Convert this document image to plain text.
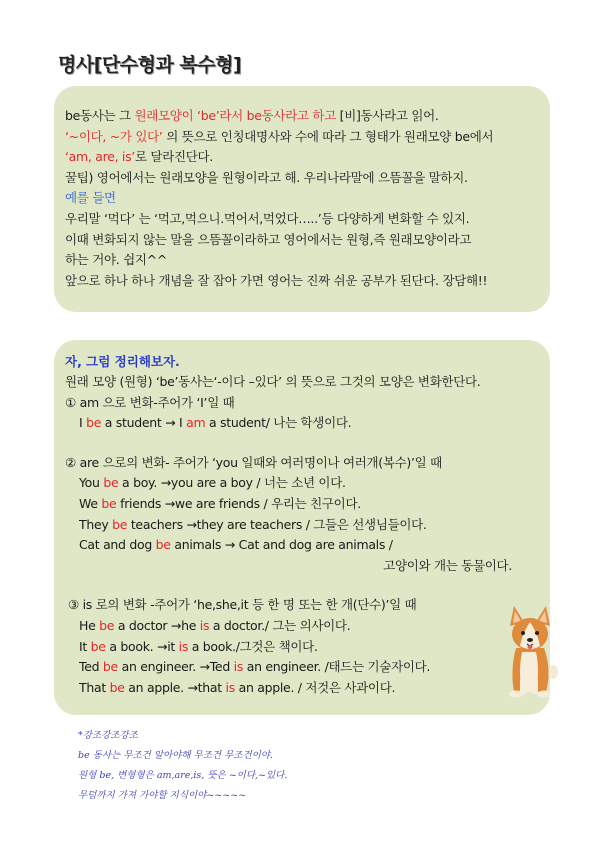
명사[단수형과 복수형]
be동사는 그 원래모양이 ‘be’라서 be동사라고 하고 [비]동사라고 읽어.
‘~이다, ~가 있다’ 의 뜻으로 인칭대명사와 수에 따라 그 형태가 원래모양 be에서
‘am, are, is’로 달라진단다.
꿀팁) 영어에서는 원래모양을 원형이라고 해. 우리나라말에 으뜸꼴을 말하지.
예를 들면
우리말 ‘먹다’ 는 ‘먹고,먹으니.먹어서,먹었다…..’등 다양하게 변화할 수 있지.
이때 변화되지 않는 말을 으뜸꼴이라하고 영어에서는 원형,즉 원래모양이라고
하는 거야. 쉽지^^
앞으로 하나 하나 개념을 잘 잡아 가면 영어는 진짜 쉬운 공부가 된단다. 장담해!!
자, 그럼 정리해보자.
원래 모양 (원형) ‘be’동사는‘-이다 –있다’ 의 뜻으로 그것의 모양은 변화한단다.
① am 으로 변화-주어가 ‘I’일 때
I be a student → I am a student/ 나는 학생이다.
② are 으로의 변화- 주어가 ‘you 일때와 여러명이나 여러개(복수)’일 때
You be a boy. →you are a boy / 너는 소년 이다.
We be friends →we are friends / 우리는 친구이다.
They be teachers →they are teachers / 그들은 선생님들이다.
Cat and dog be animals → Cat and dog are animals /
고양이와 개는 동물이다.
③ is 로의 변화 -주어가 ‘he,she,it 등 한 명 또는 한 개(단수)’일 때
He be a doctor →he is a doctor./ 그는 의사이다.
It be a book. →it is a book./그것은 책이다.
Ted be an engineer. →Ted is an engineer. /태드는 기술자이다.
That be an apple. →that is an apple. / 저것은 사과이다.
*강조강조강조
be 동사는 무조건 알아야해 무조건 무조건이야.
원형 be, 변형형은 am,are,is, 뜻은 ~이다,~있다.
무덤까지 가져 가야할 지식이야~~~~~
